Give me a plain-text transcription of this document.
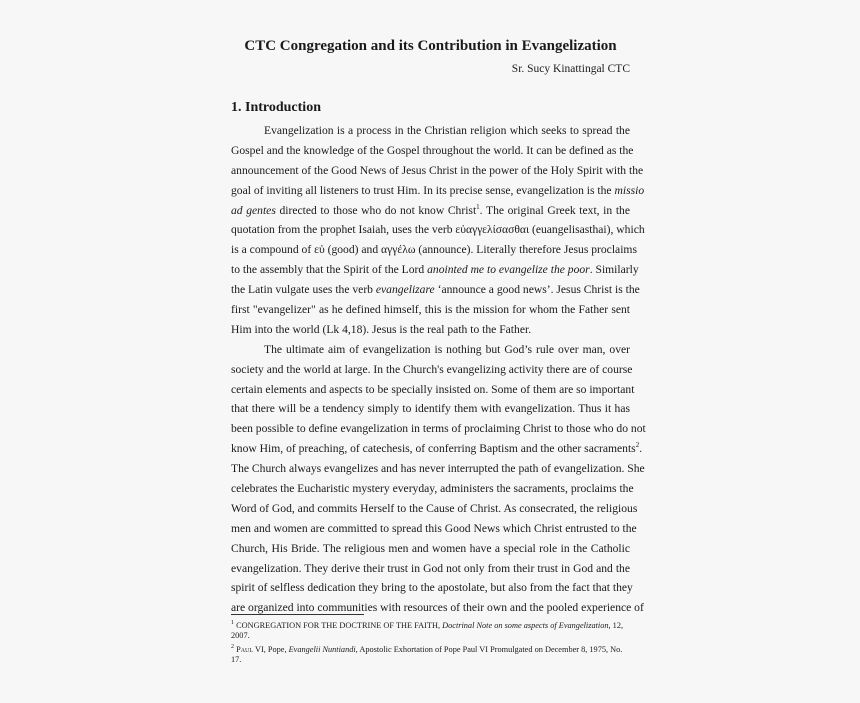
CTC Congregation and its Contribution in Evangelization
Sr. Sucy Kinattingal CTC
1. Introduction
Evangelization is a process in the Christian religion which seeks to spread the
Gospel and the knowledge of the Gospel throughout the world. It can be defined as the
announcement of the Good News of Jesus Christ in the power of the Holy Spirit with the
goal of inviting all listeners to trust Him. In its precise sense, evangelization is the missio
ad gentes directed to those who do not know Christ$^1$. The original Greek text, in the
quotation from the prophet Isaiah, uses the verb εὐαγγελίσασθαι (euangelisasthai), which
is a compound of εὐ (good) and αγγέλω (announce). Literally therefore Jesus proclaims
to the assembly that the Spirit of the Lord anointed me to evangelize the poor. Similarly
the Latin vulgate uses the verb evangelizare ‘announce a good news’. Jesus Christ is the
first "evangelizer" as he defined himself, this is the mission for whom the Father sent
Him into the world (Lk 4,18). Jesus is the real path to the Father.
The ultimate aim of evangelization is nothing but God’s rule over man, over
society and the world at large. In the Church's evangelizing activity there are of course
certain elements and aspects to be specially insisted on. Some of them are so important
that there will be a tendency simply to identify them with evangelization. Thus it has
been possible to define evangelization in terms of proclaiming Christ to those who do not
know Him, of preaching, of catechesis, of conferring Baptism and the other sacraments$^2$.
The Church always evangelizes and has never interrupted the path of evangelization. She
celebrates the Eucharistic mystery everyday, administers the sacraments, proclaims the
Word of God, and commits Herself to the Cause of Christ. As consecrated, the religious
men and women are committed to spread this Good News which Christ entrusted to the
Church, His Bride. The religious men and women have a special role in the Catholic
evangelization. They derive their trust in God not only from their trust in God and the
spirit of selfless dedication they bring to the apostolate, but also from the fact that they
are organized into communities with resources of their own and the pooled experience of
$^1$ CONGREGATION FOR THE DOCTRINE OF THE FAITH, Doctrinal Note on some aspects of Evangelization, 12, 2007.
$^2$ Paul VI, Pope, Evangelii Nuntiandi, Apostolic Exhortation of Pope Paul VI Promulgated on December 8, 1975, No. 17.
